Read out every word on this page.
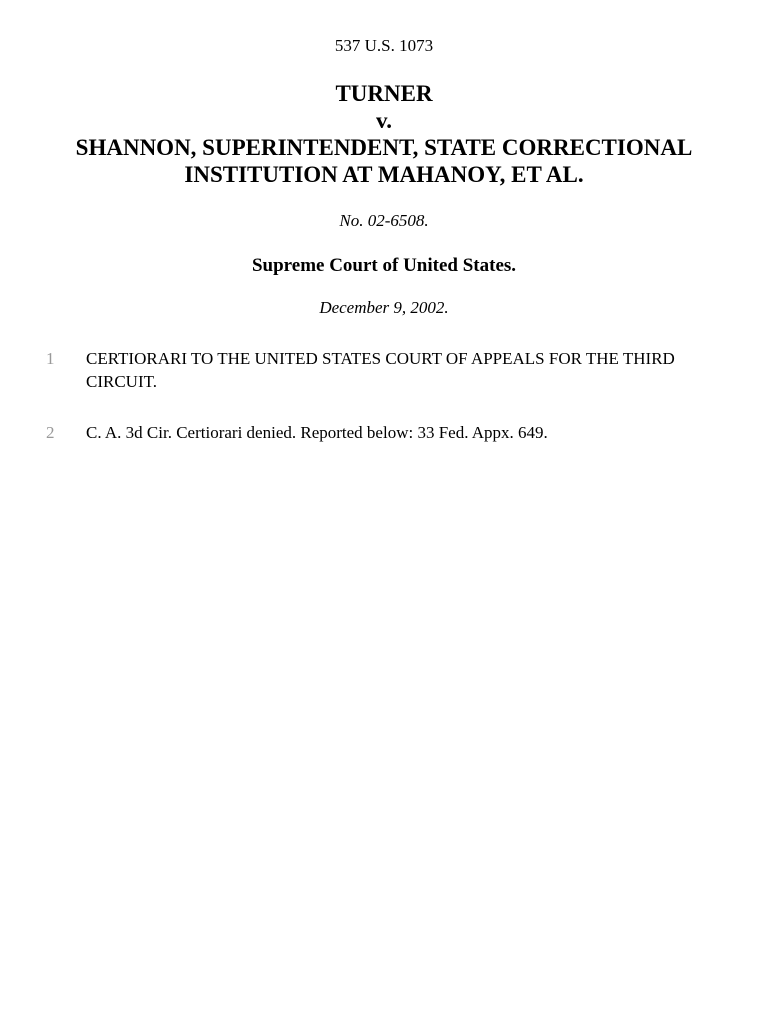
537 U.S. 1073
TURNER
v.
SHANNON, SUPERINTENDENT, STATE CORRECTIONAL
INSTITUTION AT MAHANOY, ET AL.
No. 02-6508.
Supreme Court of United States.
December 9, 2002.
1 CERTIORARI TO THE UNITED STATES COURT OF APPEALS FOR THE THIRD CIRCUIT.
2 C. A. 3d Cir. Certiorari denied. Reported below: 33 Fed. Appx. 649.
